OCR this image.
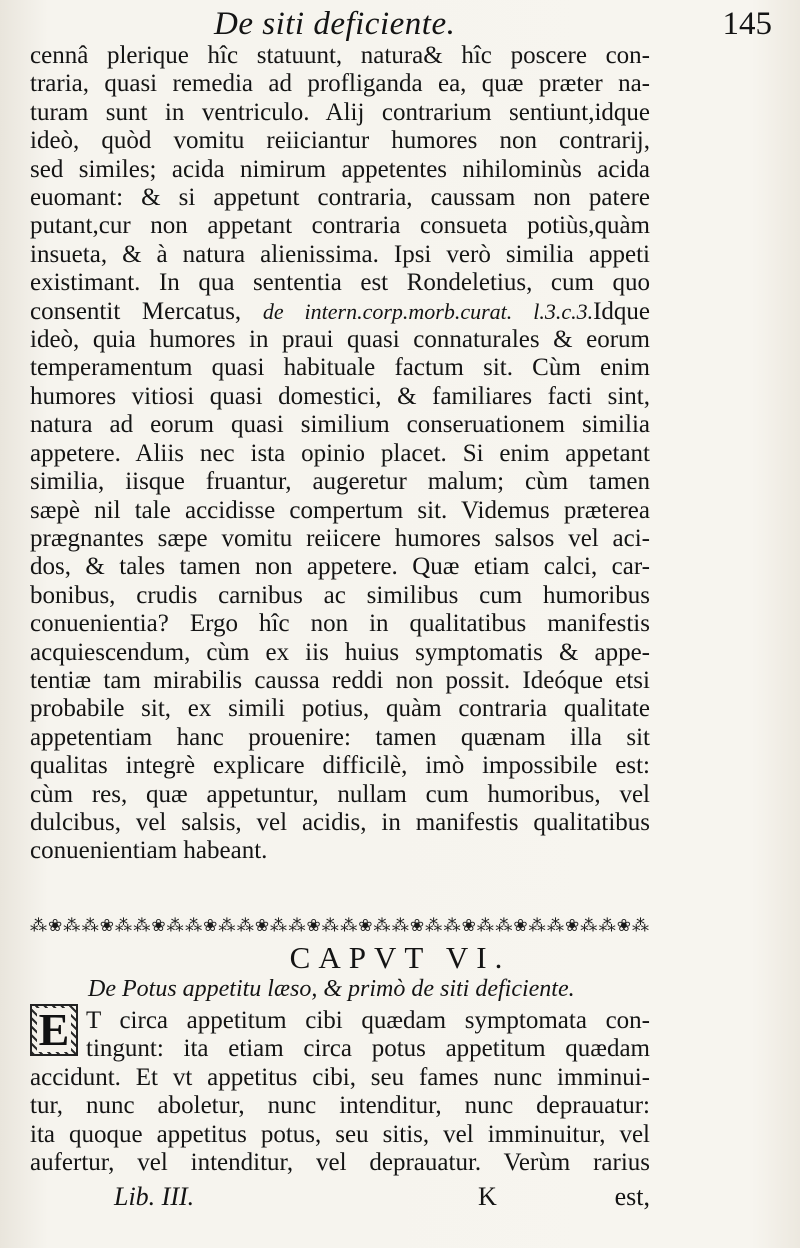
De siti deficiente.	145
cennâ plerique hîc statuunt, natura& hîc poscere con-
traria, quasi remedia ad profliganda ea, quæ præter na-
turam sunt in ventriculo. Alij contrarium sentiunt,idque
ideò, quòd vomitu reiiciantur humores non contrarij,
sed similes; acida nimirum appetentes nihilominùs acida
euomant: & si appetunt contraria, caussam non patere
putant,cur non appetant contraria consueta potiùs,quàm
insueta, & à natura alienissima. Ipsi verò similia appeti
existimant. In qua sententia est Rondeletius, cum quo
consentit Mercatus, de intern.corp.morb.curat. l.3.c.3.Idque
ideò, quia humores in praui quasi connaturales & eorum
temperamentum quasi habituale factum sit. Cùm enim
humores vitiosi quasi domestici, & familiares facti sint,
natura ad eorum quasi similium conseruationem similia
appetere. Aliis nec ista opinio placet. Si enim appetant
similia, iisque fruantur, augeretur malum; cùm tamen
sæpè nil tale accidisse compertum sit. Videmus præterea
prægnantes sæpe vomitu reiicere humores salsos vel aci-
dos, & tales tamen non appetere. Quæ etiam calci, car-
bonibus, crudis carnibus ac similibus cum humoribus
conuenientia? Ergo hîc non in qualitatibus manifestis
acquiescendum, cùm ex iis huius symptomatis & appe-
tentiæ tam mirabilis caussa reddi non possit. Ideóque etsi
probabile sit, ex simili potius, quàm contraria qualitate
appetentiam hanc prouenire: tamen quænam illa sit
qualitas integrè explicare difficilè, imò impossibile est:
cùm res, quæ appetuntur, nullam cum humoribus, vel
dulcibus, vel salsis, vel acidis, in manifestis qualitatibus
conuenientiam habeant.
⁂❀⁂ ⁂❀⁂ ⁂❀⁂ ⁂❀⁂ ⁂❀⁂ ⁂❀⁂ ⁂❀⁂ ⁂❀⁂ ⁂❀⁂ ⁂❀⁂ ⁂❀⁂ ⁂❀⁂
CAPVT VI.
De Potus appetitu læso, & primò de siti deficiente.
E T circa appetitum cibi quædam symptomata con-
tingunt: ita etiam circa potus appetitum quædam
accidunt. Et vt appetitus cibi, seu fames nunc imminui-
tur, nunc aboletur, nunc intenditur, nunc deprauatur:
ita quoque appetitus potus, seu sitis, vel imminuitur, vel
aufertur, vel intenditur, vel deprauatur. Verùm rarius
Lib. III.	K	est,
